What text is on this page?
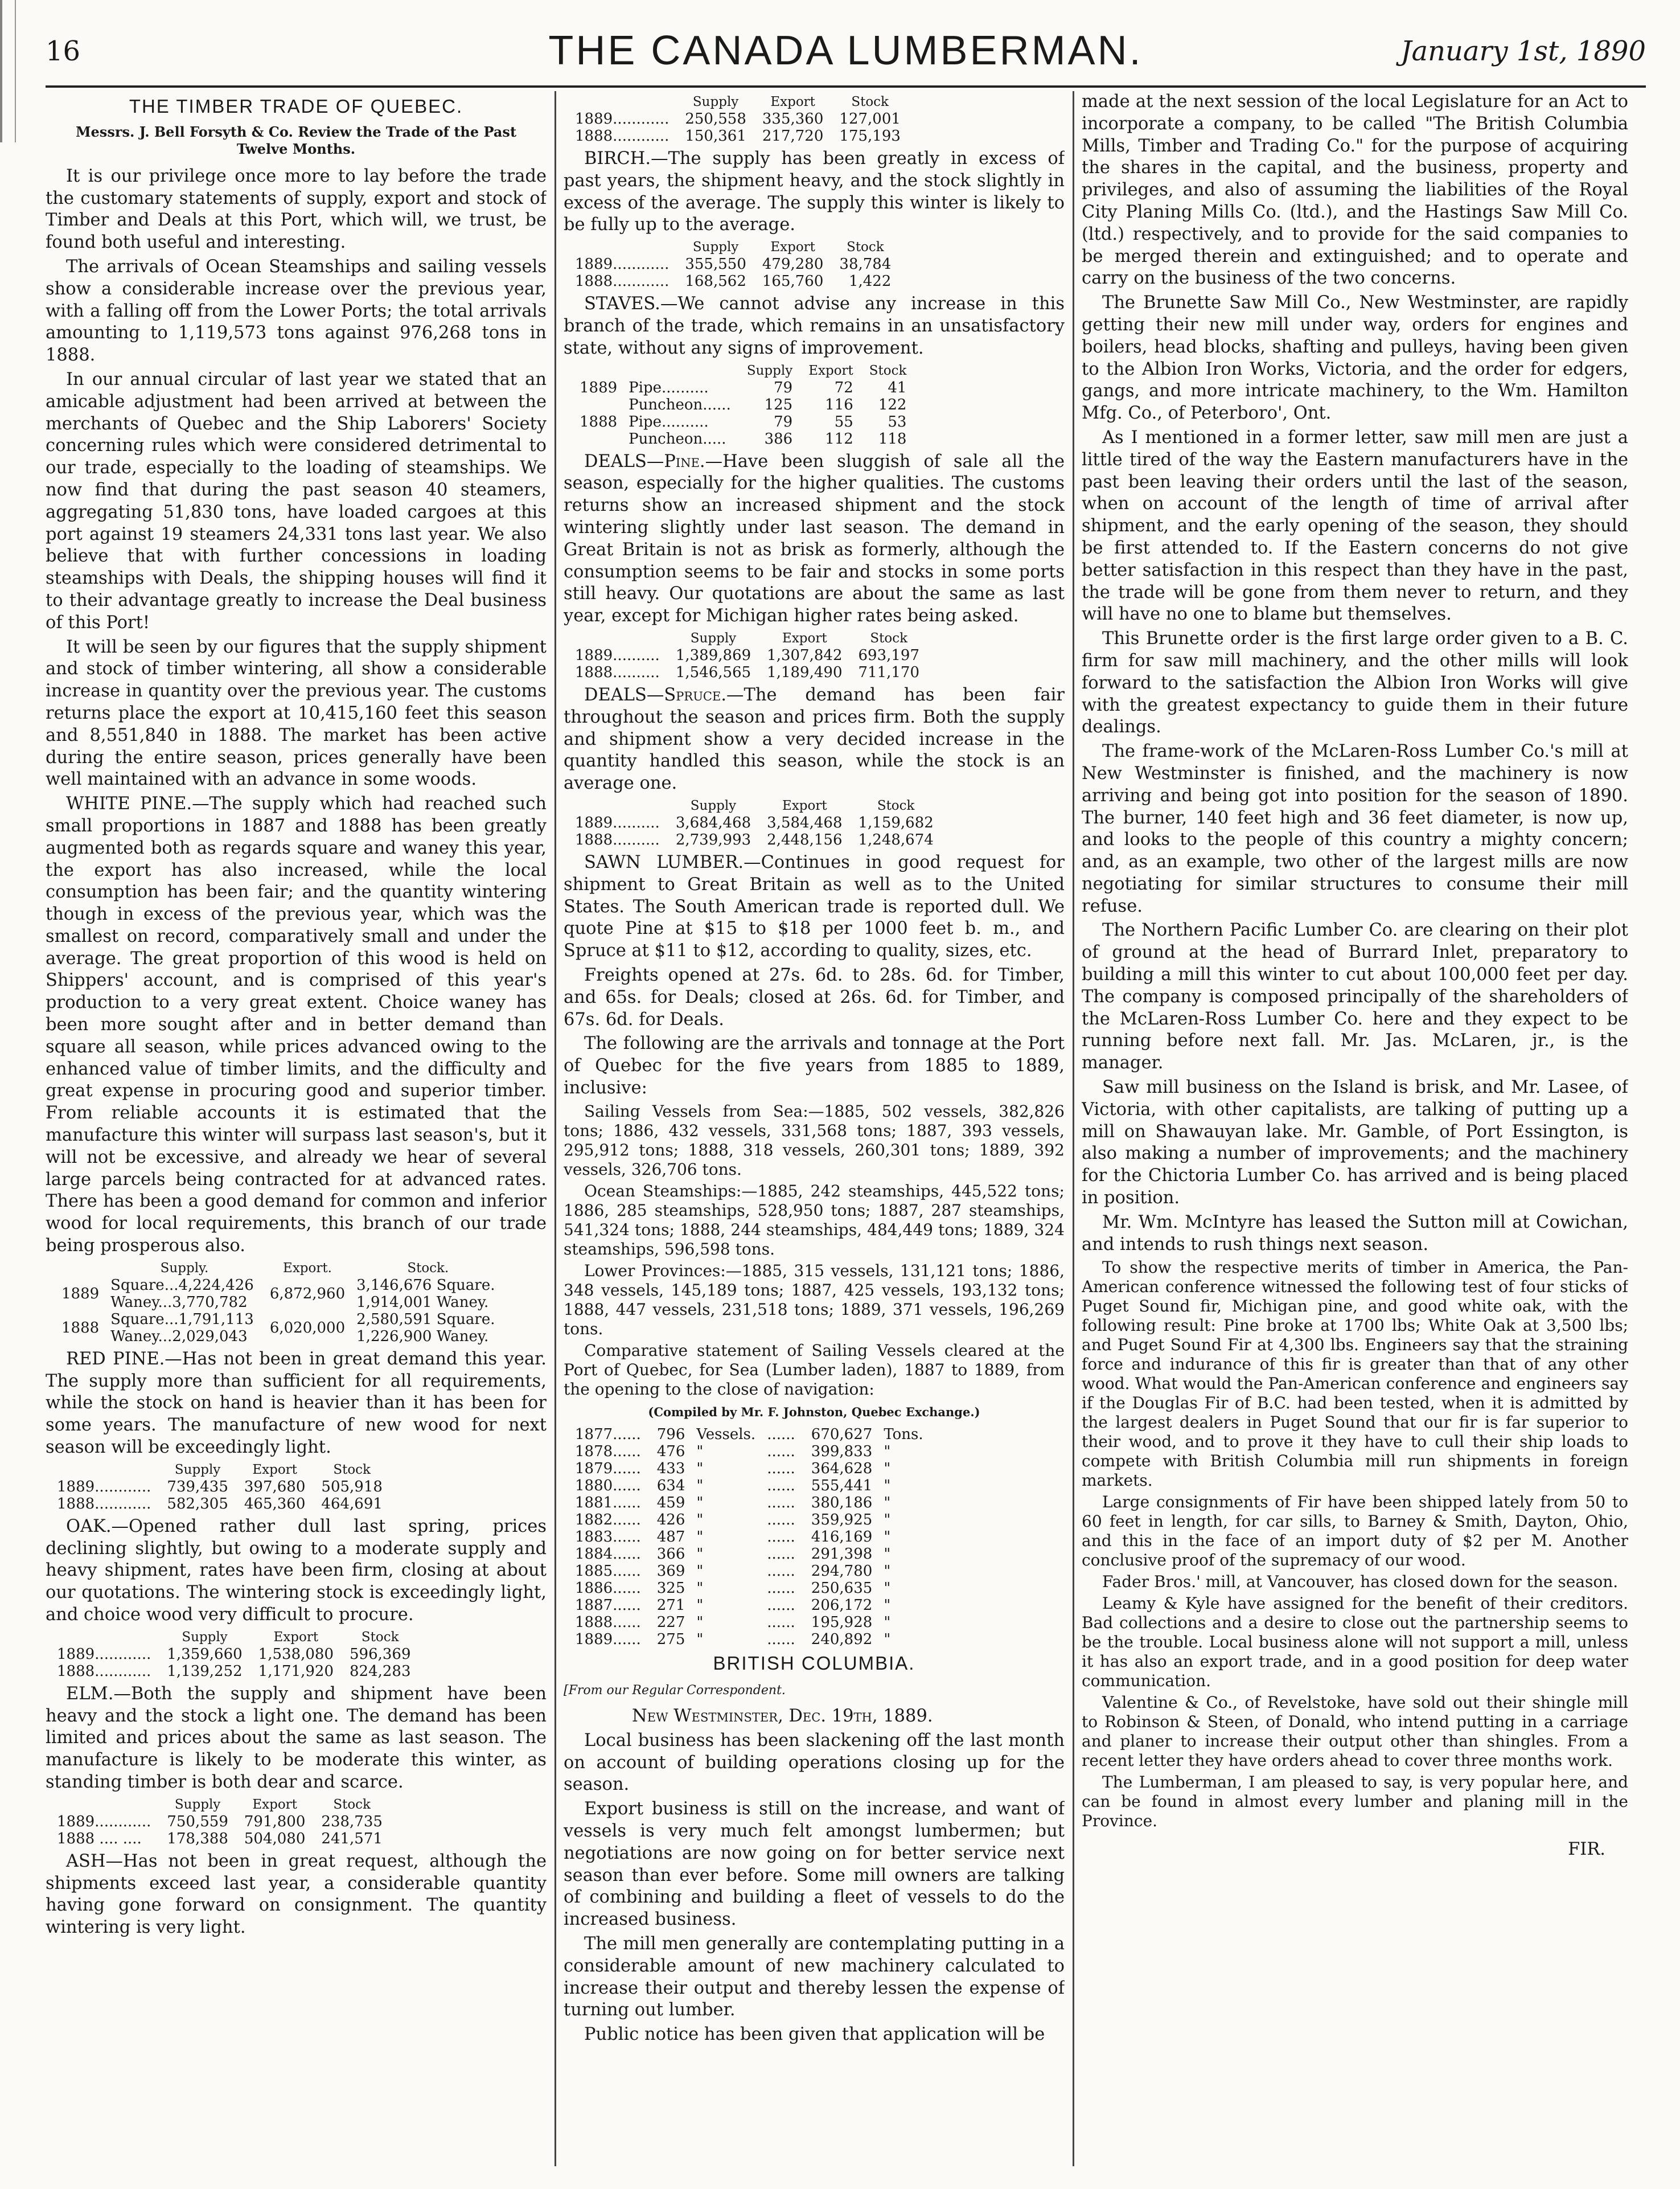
16	THE CANADA LUMBERMAN.	January 1st, 1890
THE TIMBER TRADE OF QUEBEC.
Messrs. J. Bell Forsyth & Co. Review the Trade of the Past Twelve Months.

It is our privilege once more to lay before the trade the customary statements of supply, export and stock of Timber and Deals at this Port, which will, we trust, be found both useful and interesting.

The arrivals of Ocean Steamships and sailing vessels show a considerable increase over the previous year, with a falling off from the Lower Ports; the total arrivals amounting to 1,119,573 tons against 976,268 tons in 1888.

In our annual circular of last year we stated that an amicable adjustment had been arrived at between the merchants of Quebec and the Ship Laborers' Society concerning rules which were considered detrimental to our trade, especially to the loading of steamships. We now find that during the past season 40 steamers, aggregating 51,830 tons, have loaded cargoes at this port against 19 steamers 24,331 tons last year. We also believe that with further concessions in loading steamships with Deals, the shipping houses will find it to their advantage greatly to increase the Deal business of this Port!

It will be seen by our figures that the supply shipment and stock of timber wintering, all show a considerable increase in quantity over the previous year. The customs returns place the export at 10,415,160 feet this season and 8,551,840 in 1888. The market has been active during the entire season, prices generally have been well maintained with an advance in some woods.

WHITE PINE.—The supply which had reached such small proportions in 1887 and 1888 has been greatly augmented both as regards square and waney this year, the export has also increased, while the local consumption has been fair; and the quantity wintering though in excess of the previous year, which was the smallest on record, comparatively small and under the average. The great proportion of this wood is held on Shippers' account, and is comprised of this year's production to a very great extent. Choice waney has been more sought after and in better demand than square all season, while prices advanced owing to the enhanced value of timber limits, and the difficulty and great expense in procuring good and superior timber. From reliable accounts it is estimated that the manufacture this winter will surpass last season's, but it will not be excessive, and already we hear of several large parcels being contracted for at advanced rates. There has been a good demand for common and inferior wood for local requirements, this branch of our trade being prosperous also.

	Supply.	Export.	Stock.
1889	Square...4,224,426	6,872,960	3,146,676 Square.
	Waney...3,770,782		1,914,001 Waney.
1888	Square...1,791,113	6,020,000	2,580,591 Square.
	Waney...2,029,043		1,226,900 Waney.

RED PINE.—Has not been in great demand this year. The supply more than sufficient for all requirements, while the stock on hand is heavier than it has been for some years. The manufacture of new wood for next season will be exceedingly light.

	Supply	Export	Stock
1889............	739,435	397,680	505,918
1888............	582,305	465,360	464,691

OAK.—Opened rather dull last spring, prices declining slightly, but owing to a moderate supply and heavy shipment, rates have been firm, closing at about our quotations. The wintering stock is exceedingly light, and choice wood very difficult to procure.

	Supply	Export	Stock
1889............	1,359,660	1,538,080	596,369
1888............	1,139,252	1,171,920	824,283

ELM.—Both the supply and shipment have been heavy and the stock a light one. The demand has been limited and prices about the same as last season. The manufacture is likely to be moderate this winter, as standing timber is both dear and scarce.

	Supply	Export	Stock
1889............	750,559	791,800	238,735
1888 .... ....	178,388	504,080	241,571

ASH—Has not been in great request, although the shipments exceed last year, a considerable quantity having gone forward on consignment. The quantity wintering is very light.

	Supply	Export	Stock
1889............	250,558	335,360	127,001
1888............	150,361	217,720	175,193

BIRCH.—The supply has been greatly in excess of past years, the shipment heavy, and the stock slightly in excess of the average. The supply this winter is likely to be fully up to the average.

	Supply	Export	Stock
1889............	355,550	479,280	38,784
1888............	168,562	165,760	1,422

STAVES.—We cannot advise any increase in this branch of the trade, which remains in an unsatisfactory state, without any signs of improvement.

		Supply	Export	Stock
1889	Pipe..........	79	72	41
	Puncheon......	125	116	122
1888	Pipe..........	79	55	53
	Puncheon.....	386	112	118

DEALS—Pine.—Have been sluggish of sale all the season, especially for the higher qualities. The customs returns show an increased shipment and the stock wintering slightly under last season. The demand in Great Britain is not as brisk as formerly, although the consumption seems to be fair and stocks in some ports still heavy. Our quotations are about the same as last year, except for Michigan higher rates being asked.

	Supply	Export	Stock
1889..........	1,389,869	1,307,842	693,197
1888..........	1,546,565	1,189,490	711,170

DEALS—Spruce.—The demand has been fair throughout the season and prices firm. Both the supply and shipment show a very decided increase in the quantity handled this season, while the stock is an average one.

	Supply	Export	Stock
1889..........	3,684,468	3,584,468	1,159,682
1888..........	2,739,993	2,448,156	1,248,674

SAWN LUMBER.—Continues in good request for shipment to Great Britain as well as to the United States. The South American trade is reported dull. We quote Pine at $15 to $18 per 1000 feet b. m., and Spruce at $11 to $12, according to quality, sizes, etc.

Freights opened at 27s. 6d. to 28s. 6d. for Timber, and 65s. for Deals; closed at 26s. 6d. for Timber, and 67s. 6d. for Deals.

The following are the arrivals and tonnage at the Port of Quebec for the five years from 1885 to 1889, inclusive:

Sailing Vessels from Sea:—1885, 502 vessels, 382,826 tons; 1886, 432 vessels, 331,568 tons; 1887, 393 vessels, 295,912 tons; 1888, 318 vessels, 260,301 tons; 1889, 392 vessels, 326,706 tons.

Ocean Steamships:—1885, 242 steamships, 445,522 tons; 1886, 285 steamships, 528,950 tons; 1887, 287 steamships, 541,324 tons; 1888, 244 steamships, 484,449 tons; 1889, 324 steamships, 596,598 tons.

Lower Provinces:—1885, 315 vessels, 131,121 tons; 1886, 348 vessels, 145,189 tons; 1887, 425 vessels, 193,132 tons; 1888, 447 vessels, 231,518 tons; 1889, 371 vessels, 196,269 tons.

Comparative statement of Sailing Vessels cleared at the Port of Quebec, for Sea (Lumber laden), 1887 to 1889, from the opening to the close of navigation:

(Compiled by Mr. F. Johnston, Quebec Exchange.)
1877......	796	Vessels.	......	670,627	Tons.
1878......	476	"	......	399,833	"
1879......	433	"	......	364,628	"
1880......	634	"	......	555,441	"
1881......	459	"	......	380,186	"
1882......	426	"	......	359,925	"
1883......	487	"	......	416,169	"
1884......	366	"	......	291,398	"
1885......	369	"	......	294,780	"
1886......	325	"	......	250,635	"
1887......	271	"	......	206,172	"
1888......	227	"	......	195,928	"
1889......	275	"	......	240,892	"
BRITISH COLUMBIA.

[From our Regular Correspondent.

New Westminster, Dec. 19th, 1889.

Local business has been slackening off the last month on account of building operations closing up for the season.

Export business is still on the increase, and want of vessels is very much felt amongst lumbermen; but negotiations are now going on for better service next season than ever before. Some mill owners are talking of combining and building a fleet of vessels to do the increased business.

The mill men generally are contemplating putting in a considerable amount of new machinery calculated to increase their output and thereby lessen the expense of turning out lumber.

Public notice has been given that application will be

made at the next session of the local Legislature for an Act to incorporate a company, to be called "The British Columbia Mills, Timber and Trading Co." for the purpose of acquiring the shares in the capital, and the business, property and privileges, and also of assuming the liabilities of the Royal City Planing Mills Co. (ltd.), and the Hastings Saw Mill Co. (ltd.) respectively, and to provide for the said companies to be merged therein and extinguished; and to operate and carry on the business of the two concerns.

The Brunette Saw Mill Co., New Westminster, are rapidly getting their new mill under way, orders for engines and boilers, head blocks, shafting and pulleys, having been given to the Albion Iron Works, Victoria, and the order for edgers, gangs, and more intricate machinery, to the Wm. Hamilton Mfg. Co., of Peterboro', Ont.

As I mentioned in a former letter, saw mill men are just a little tired of the way the Eastern manufacturers have in the past been leaving their orders until the last of the season, when on account of the length of time of arrival after shipment, and the early opening of the season, they should be first attended to. If the Eastern concerns do not give better satisfaction in this respect than they have in the past, the trade will be gone from them never to return, and they will have no one to blame but themselves.

This Brunette order is the first large order given to a B. C. firm for saw mill machinery, and the other mills will look forward to the satisfaction the Albion Iron Works will give with the greatest expectancy to guide them in their future dealings.

The frame-work of the McLaren-Ross Lumber Co.'s mill at New Westminster is finished, and the machinery is now arriving and being got into position for the season of 1890. The burner, 140 feet high and 36 feet diameter, is now up, and looks to the people of this country a mighty concern; and, as an example, two other of the largest mills are now negotiating for similar structures to consume their mill refuse.

The Northern Pacific Lumber Co. are clearing on their plot of ground at the head of Burrard Inlet, preparatory to building a mill this winter to cut about 100,000 feet per day. The company is composed principally of the shareholders of the McLaren-Ross Lumber Co. here and they expect to be running before next fall. Mr. Jas. McLaren, jr., is the manager.

Saw mill business on the Island is brisk, and Mr. Lasee, of Victoria, with other capitalists, are talking of putting up a mill on Shawauyan lake. Mr. Gamble, of Port Essington, is also making a number of improvements; and the machinery for the Chictoria Lumber Co. has arrived and is being placed in position.

Mr. Wm. McIntyre has leased the Sutton mill at Cowichan, and intends to rush things next season.

To show the respective merits of timber in America, the Pan-American conference witnessed the following test of four sticks of Puget Sound fir, Michigan pine, and good white oak, with the following result: Pine broke at 1700 lbs; White Oak at 3,500 lbs; and Puget Sound Fir at 4,300 lbs. Engineers say that the straining force and indurance of this fir is greater than that of any other wood. What would the Pan-American conference and engineers say if the Douglas Fir of B.C. had been tested, when it is admitted by the largest dealers in Puget Sound that our fir is far superior to their wood, and to prove it they have to cull their ship loads to compete with British Columbia mill run shipments in foreign markets.

Large consignments of Fir have been shipped lately from 50 to 60 feet in length, for car sills, to Barney & Smith, Dayton, Ohio, and this in the face of an import duty of $2 per M. Another conclusive proof of the supremacy of our wood.

Fader Bros.' mill, at Vancouver, has closed down for the season.

Leamy & Kyle have assigned for the benefit of their creditors. Bad collections and a desire to close out the partnership seems to be the trouble. Local business alone will not support a mill, unless it has also an export trade, and in a good position for deep water communication.

Valentine & Co., of Revelstoke, have sold out their shingle mill to Robinson & Steen, of Donald, who intend putting in a carriage and planer to increase their output other than shingles. From a recent letter they have orders ahead to cover three months work.

The Lumberman, I am pleased to say, is very popular here, and can be found in almost every lumber and planing mill in the Province.

FIR.
